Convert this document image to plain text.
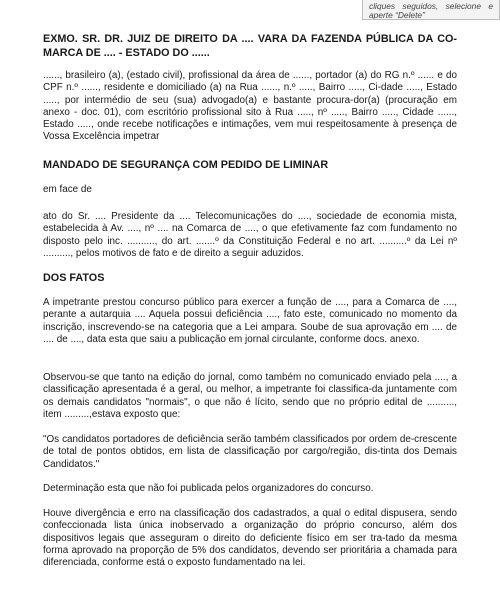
cliques seguidos, selecione e aperte “Delete”

EXMO. SR. DR. JUIZ DE DIREITO DA .... VARA DA FAZENDA PÚBLICA DA CO-MARCA DE .... - ESTADO DO ......

......, brasileiro (a), (estado civil), profissional da área de ......, portador (a) do RG n.º ...... e do CPF n.º ......, residente e domiciliado (a) na Rua ......, n.º ....., Bairro ....., Ci-dade ....., Estado ....., por intermédio de seu (sua) advogado(a) e bastante procura-dor(a) (procuração em anexo - doc. 01), com escritório profissional sito à Rua ....., nº ....., Bairro ....., Cidade ......, Estado ....., onde recebe notificações e intimações, vem mui respeitosamente à presença de Vossa Excelência impetrar

MANDADO DE SEGURANÇA COM PEDIDO DE LIMINAR

em face de

ato do Sr. .... Presidente da .... Telecomunicações do ...., sociedade de economia mista, estabelecida à Av. ...., nº .... na Comarca de ...., o que efetivamente faz com fundamento no disposto pelo inc. .........., do art. .......º da Constituição Federal e no art. ..........º da Lei nº .........., pelos motivos de fato e de direito a seguir aduzidos.

DOS FATOS

A impetrante prestou concurso público para exercer a função de ...., para a Comarca de ...., perante a autarquia .... Aquela possui deficiência ...., fato este, comunicado no momento da inscrição, inscrevendo-se na categoria que a Lei ampara. Soube de sua aprovação em .... de .... de ...., data esta que saiu a publicação em jornal circulante, conforme docs. anexo.

Observou-se que tanto na edição do jornal, como também no comunicado enviado pela ...., a classificação apresentada é a geral, ou melhor, a impetrante foi classifica-da juntamente com os demais candidatos "normais", o que não é lícito, sendo que no próprio edital de .........., item .........,estava exposto que:

"Os candidatos portadores de deficiência serão também classificados por ordem de-crescente de total de pontos obtidos, em lista de classificação por cargo/região, dis-tinta dos Demais Candidatos."

Determinação esta que não foi publicada pelos organizadores do concurso.

Houve divergência e erro na classificação dos cadastrados, a qual o edital dispusera, sendo confeccionada lista única inobservado a organização do próprio concurso, além dos dispositivos legais que asseguram o direito do deficiente físico em ser tra-tado da mesma forma aprovado na proporção de 5% dos candidatos, devendo ser prioritária a chamada para diferenciada, conforme está o exposto fundamentado na lei.
